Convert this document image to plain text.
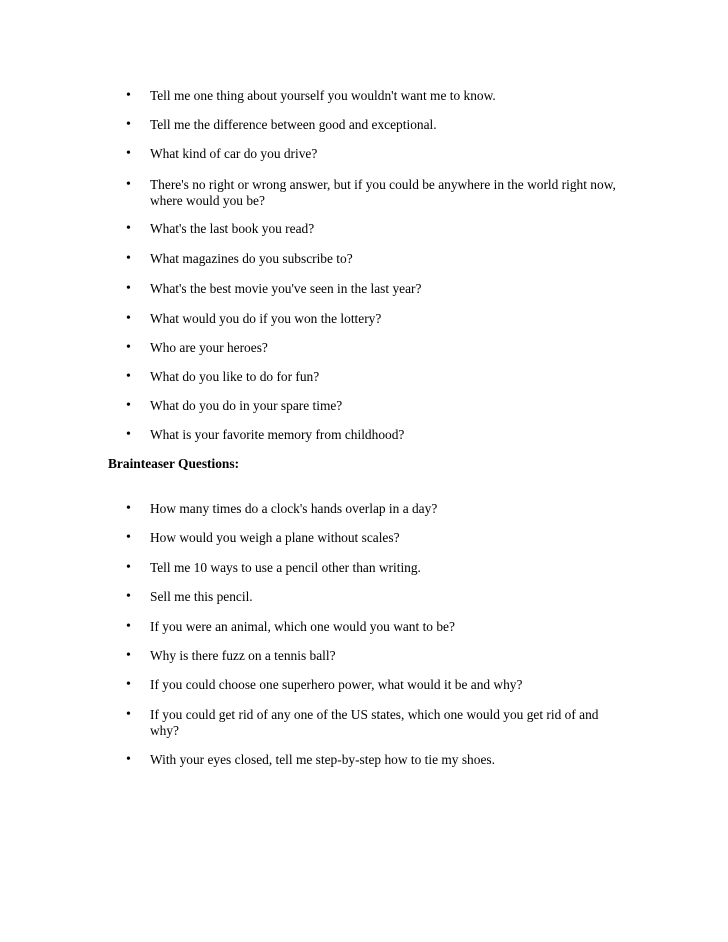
• Tell me one thing about yourself you wouldn't want me to know.
• Tell me the difference between good and exceptional.
• What kind of car do you drive?
• There's no right or wrong answer, but if you could be anywhere in the world right now, where would you be?
• What's the last book you read?
• What magazines do you subscribe to?
• What's the best movie you've seen in the last year?
• What would you do if you won the lottery?
• Who are your heroes?
• What do you like to do for fun?
• What do you do in your spare time?
• What is your favorite memory from childhood?
Brainteaser Questions:
• How many times do a clock's hands overlap in a day?
• How would you weigh a plane without scales?
• Tell me 10 ways to use a pencil other than writing.
• Sell me this pencil.
• If you were an animal, which one would you want to be?
• Why is there fuzz on a tennis ball?
• If you could choose one superhero power, what would it be and why?
• If you could get rid of any one of the US states, which one would you get rid of and why?
• With your eyes closed, tell me step-by-step how to tie my shoes.
